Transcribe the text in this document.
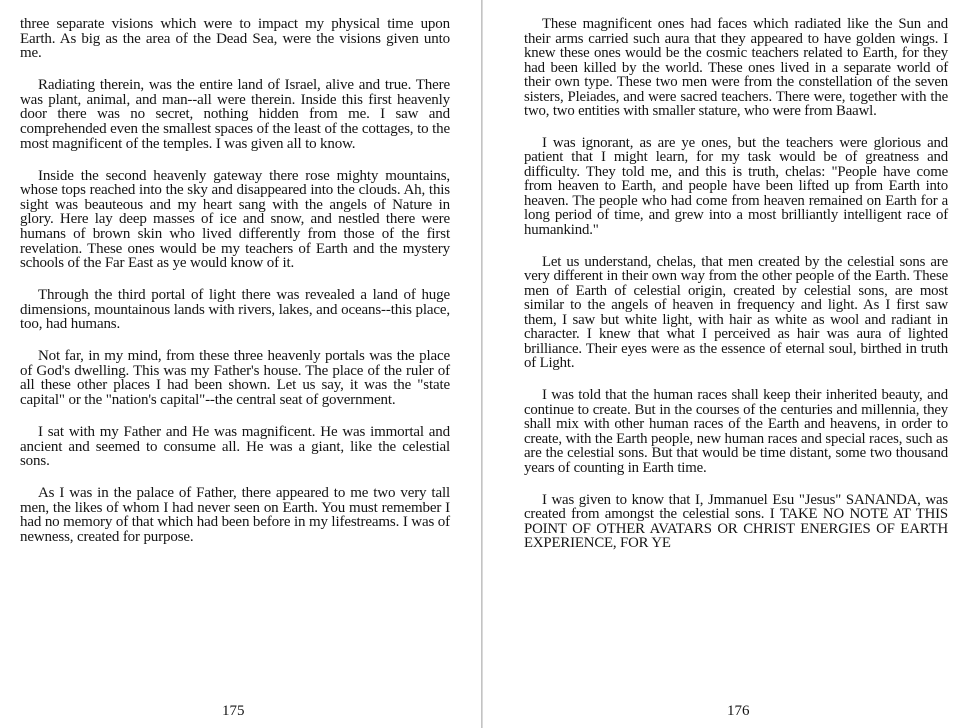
three separate visions which were to impact my physical time upon Earth. As big as the area of the Dead Sea, were the visions given unto me.

Radiating therein, was the entire land of Israel, alive and true. There was plant, animal, and man--all were therein. Inside this first heavenly door there was no secret, nothing hidden from me. I saw and comprehended even the smallest spaces of the least of the cottages, to the most magnificent of the temples. I was given all to know.

Inside the second heavenly gateway there rose mighty mountains, whose tops reached into the sky and disappeared into the clouds. Ah, this sight was beauteous and my heart sang with the angels of Nature in glory. Here lay deep masses of ice and snow, and nestled there were humans of brown skin who lived differently from those of the first revelation. These ones would be my teachers of Earth and the mystery schools of the Far East as ye would know of it.

Through the third portal of light there was revealed a land of huge dimensions, mountainous lands with rivers, lakes, and oceans--this place, too, had humans.

Not far, in my mind, from these three heavenly portals was the place of God's dwelling. This was my Father's house. The place of the ruler of all these other places I had been shown. Let us say, it was the "state capital" or the "nation's capital"--the central seat of government.

I sat with my Father and He was magnificent. He was immortal and ancient and seemed to consume all. He was a giant, like the celestial sons.

As I was in the palace of Father, there appeared to me two very tall men, the likes of whom I had never seen on Earth. You must remember I had no memory of that which had been before in my lifestreams. I was of newness, created for purpose.

175

These magnificent ones had faces which radiated like the Sun and their arms carried such aura that they appeared to have golden wings. I knew these ones would be the cosmic teachers related to Earth, for they had been killed by the world. These ones lived in a separate world of their own type. These two men were from the constellation of the seven sisters, Pleiades, and were sacred teachers. There were, together with the two, two entities with smaller stature, who were from Baawl.

I was ignorant, as are ye ones, but the teachers were glorious and patient that I might learn, for my task would be of greatness and difficulty. They told me, and this is truth, chelas: "People have come from heaven to Earth, and people have been lifted up from Earth into heaven. The people who had come from heaven remained on Earth for a long period of time, and grew into a most brilliantly intelligent race of humankind."

Let us understand, chelas, that men created by the celestial sons are very different in their own way from the other people of the Earth. These men of Earth of celestial origin, created by celestial sons, are most similar to the angels of heaven in frequency and light. As I first saw them, I saw but white light, with hair as white as wool and radiant in character. I knew that what I perceived as hair was aura of lighted brilliance. Their eyes were as the essence of eternal soul, birthed in truth of Light.

I was told that the human races shall keep their inherited beauty, and continue to create. But in the courses of the centuries and millennia, they shall mix with other human races of the Earth and heavens, in order to create, with the Earth people, new human races and special races, such as are the celestial sons. But that would be time distant, some two thousand years of counting in Earth time.

I was given to know that I, Jmmanuel Esu "Jesus" SANANDA, was created from amongst the celestial sons. I TAKE NO NOTE AT THIS POINT OF OTHER AVATARS OR CHRIST ENERGIES OF EARTH EXPERIENCE, FOR YE

176
